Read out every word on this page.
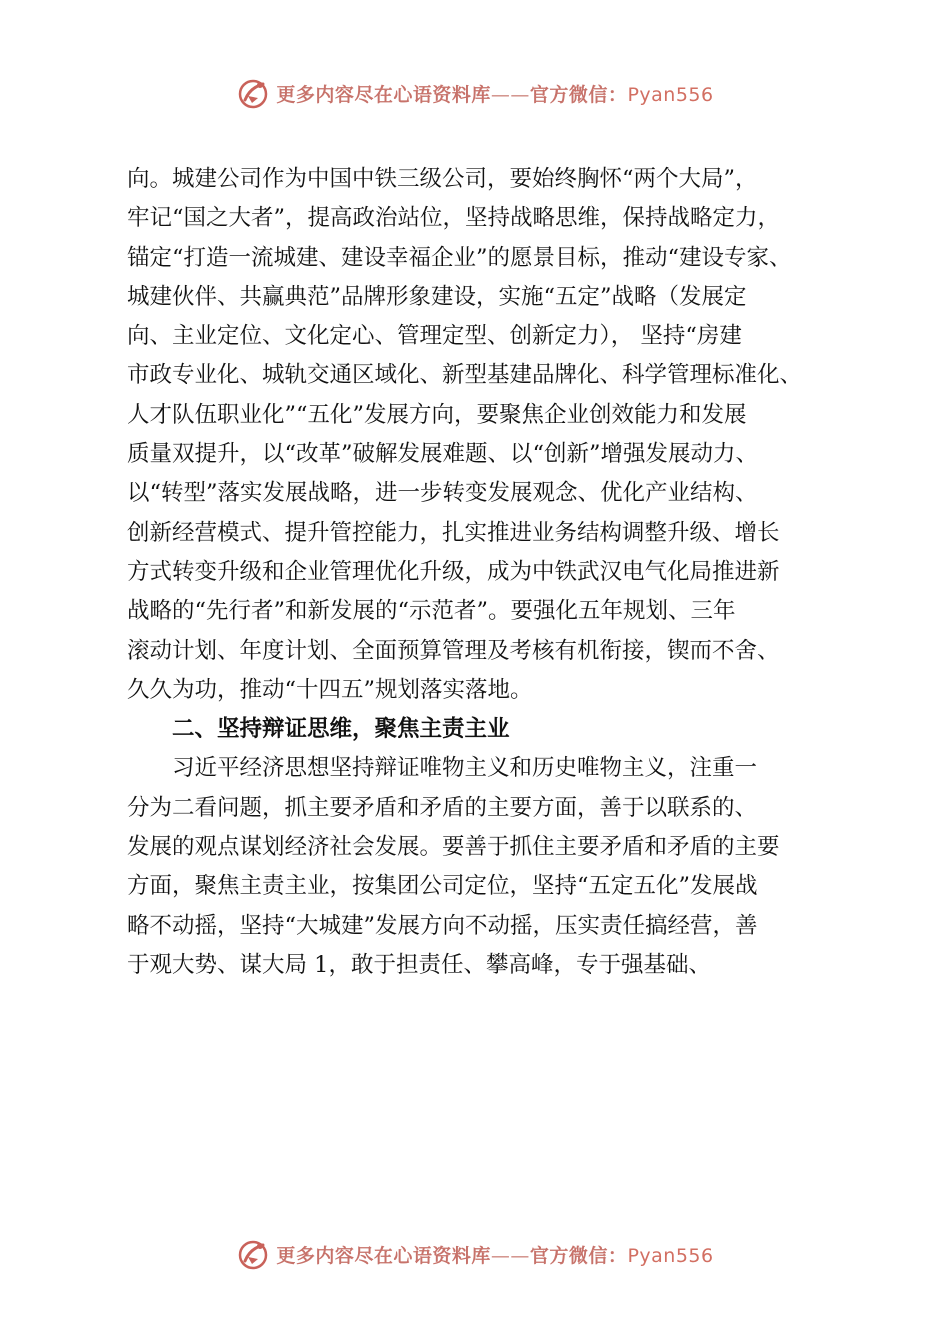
更多内容尽在心语资料库——官方微信：Pyan556
向。城建公司作为中国中铁三级公司，要始终胸怀“两个大局”，
牢记“国之大者”，提高政治站位，坚持战略思维，保持战略定力，
锚定“打造一流城建、建设幸福企业”的愿景目标，推动“建设专家、
城建伙伴、共赢典范”品牌形象建设，实施“五定”战略（发展定
向、主业定位、文化定心、管理定型、创新定力）， 坚持“房建
市政专业化、城轨交通区域化、新型基建品牌化、科学管理标准化、
人才队伍职业化”“五化”发展方向，要聚焦企业创效能力和发展
质量双提升，以“改革”破解发展难题、以“创新”增强发展动力、
以“转型”落实发展战略，进一步转变发展观念、优化产业结构、
创新经营模式、提升管控能力，扎实推进业务结构调整升级、增长
方式转变升级和企业管理优化升级，成为中铁武汉电气化局推进新
战略的“先行者”和新发展的“示范者”。要强化五年规划、三年
滚动计划、年度计划、全面预算管理及考核有机衔接，锲而不舍、
久久为功，推动“十四五”规划落实落地。
二、坚持辩证思维，聚焦主责主业
习近平经济思想坚持辩证唯物主义和历史唯物主义，注重一
分为二看问题，抓主要矛盾和矛盾的主要方面，善于以联系的、
发展的观点谋划经济社会发展。要善于抓住主要矛盾和矛盾的主要
方面，聚焦主责主业，按集团公司定位，坚持“五定五化”发展战
略不动摇，坚持“大城建”发展方向不动摇，压实责任搞经营，善
于观大势、谋大局 1，敢于担责任、攀高峰，专于强基础、
更多内容尽在心语资料库——官方微信：Pyan556
